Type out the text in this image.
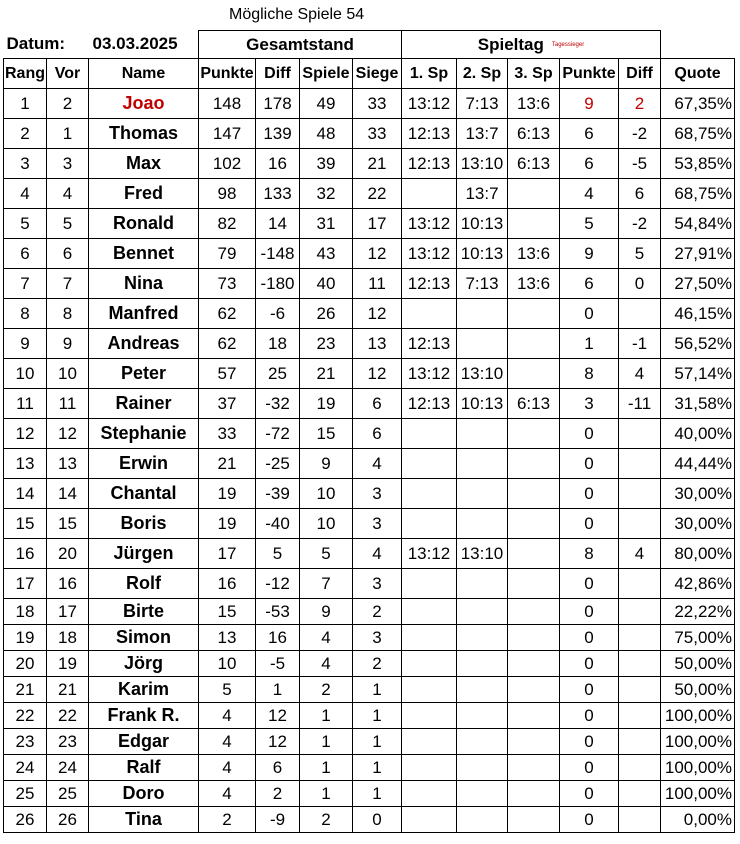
Mögliche Spiele 54
Datum:		03.03.2025	Gesamtstand				Spieltag Tagessieger					
Rang	Vor	Name	Punkte	Diff	Spiele	Siege	1. Sp	2. Sp	3. Sp	Punkte	Diff	Quote
1	2	Joao	148	178	49	33	13:12	7:13	13:6	9	2	67,35%
2	1	Thomas	147	139	48	33	12:13	13:7	6:13	6	-2	68,75%
3	3	Max	102	16	39	21	12:13	13:10	6:13	6	-5	53,85%
4	4	Fred	98	133	32	22		13:7		4	6	68,75%
5	5	Ronald	82	14	31	17	13:12	10:13		5	-2	54,84%
6	6	Bennet	79	-148	43	12	13:12	10:13	13:6	9	5	27,91%
7	7	Nina	73	-180	40	11	12:13	7:13	13:6	6	0	27,50%
8	8	Manfred	62	-6	26	12				0		46,15%
9	9	Andreas	62	18	23	13	12:13			1	-1	56,52%
10	10	Peter	57	25	21	12	13:12	13:10		8	4	57,14%
11	11	Rainer	37	-32	19	6	12:13	10:13	6:13	3	-11	31,58%
12	12	Stephanie	33	-72	15	6				0		40,00%
13	13	Erwin	21	-25	9	4				0		44,44%
14	14	Chantal	19	-39	10	3				0		30,00%
15	15	Boris	19	-40	10	3				0		30,00%
16	20	Jürgen	17	5	5	4	13:12	13:10		8	4	80,00%
17	16	Rolf	16	-12	7	3				0		42,86%
18	17	Birte	15	-53	9	2				0		22,22%
19	18	Simon	13	16	4	3				0		75,00%
20	19	Jörg	10	-5	4	2				0		50,00%
21	21	Karim	5	1	2	1				0		50,00%
22	22	Frank R.	4	12	1	1				0		100,00%
23	23	Edgar	4	12	1	1				0		100,00%
24	24	Ralf	4	6	1	1				0		100,00%
25	25	Doro	4	2	1	1				0		100,00%
26	26	Tina	2	-9	2	0				0		0,00%
